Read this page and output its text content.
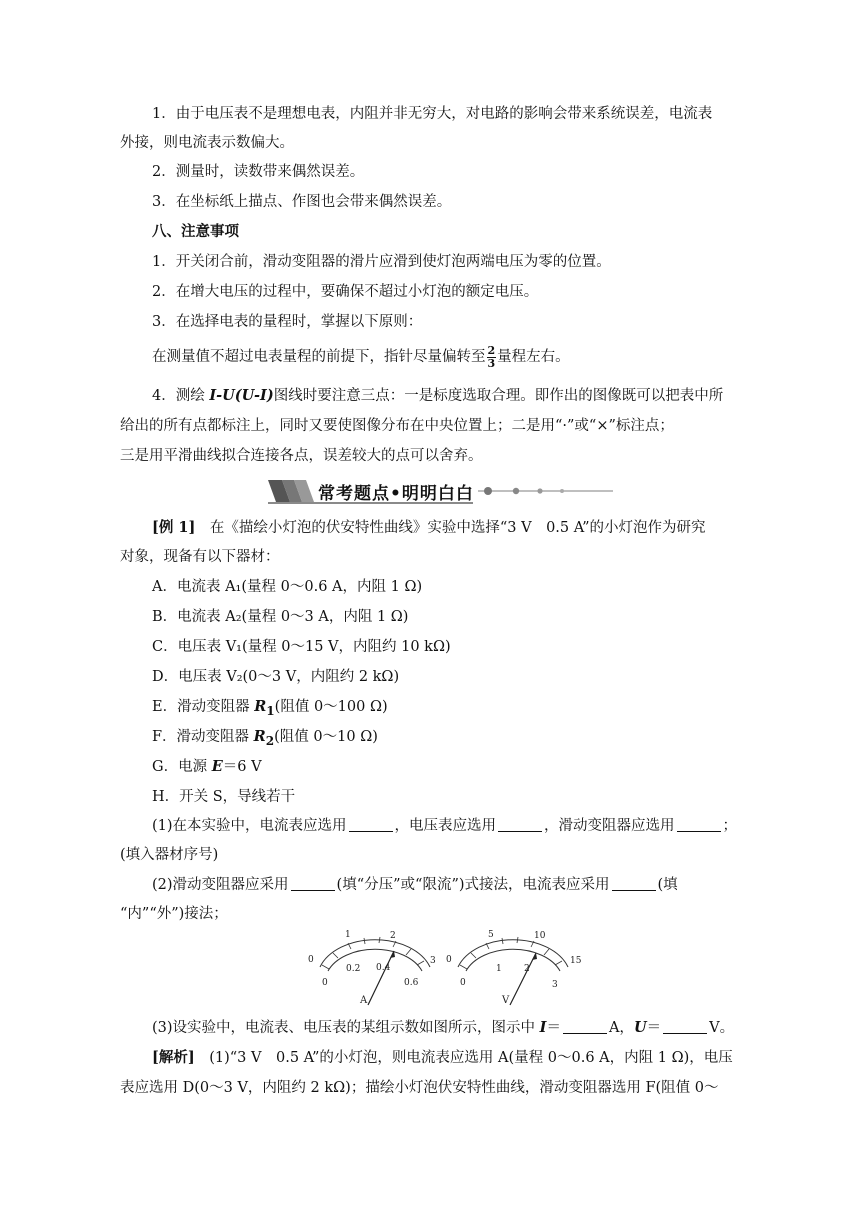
1．由于电压表不是理想电表，内阻并非无穷大，对电路的影响会带来系统误差，电流表
外接，则电流表示数偏大。
2．测量时，读数带来偶然误差。
3．在坐标纸上描点、作图也会带来偶然误差。
八、注意事项
1．开关闭合前，滑动变阻器的滑片应滑到使灯泡两端电压为零的位置。
2．在增大电压的过程中，要确保不超过小灯泡的额定电压。
3．在选择电表的量程时，掌握以下原则：
在测量值不超过电表量程的前提下，指针尽量偏转至 $\frac{2}{3}$ 量程左右。
4．测绘 I-U(U-I)图线时要注意三点：一是标度选取合理。即作出的图像既可以把表中所
给出的所有点都标注上，同时又要使图像分布在中央位置上；二是用“·”或“×”标注点；
三是用平滑曲线拟合连接各点，误差较大的点可以舍弃。
常考题点•明明白白
[例 1]　在《描绘小灯泡的伏安特性曲线》实验中选择“3 V　0.5 A”的小灯泡作为研究
对象，现备有以下器材：
A．电流表 A₁(量程 0～0.6 A，内阻 1 Ω)
B．电流表 A₂(量程 0～3 A，内阻 1 Ω)
C．电压表 V₁(量程 0～15 V，内阻约 10 kΩ)
D．电压表 V₂(0～3 V，内阻约 2 kΩ)
E．滑动变阻器 $R_1$(阻值 0～100 Ω)
F．滑动变阻器 $R_2$(阻值 0～10 Ω)
G．电源 E＝6 V
H．开关 S，导线若干
(1)在本实验中，电流表应选用	，电压表应选用	，滑动变阻器应选用	；
(填入器材序号)
(2)滑动变阻器应采用	(填“分压”或“限流”)式接法，电流表应采用	(填
“内”“外”)接法；
0
1	2
3
0
0.2 0.4
0.6
A
0
5	10
15
0
1 2
3
V
(3)设实验中，电流表、电压表的某组示数如图所示，图示中 I＝	A，U＝	V。
[解析]　(1)“3 V　0.5 A”的小灯泡，则电流表应选用 A(量程 0～0.6 A，内阻 1 Ω)，电压
表应选用 D(0～3 V，内阻约 2 kΩ)；描绘小灯泡伏安特性曲线，滑动变阻器选用 F(阻值 0～
